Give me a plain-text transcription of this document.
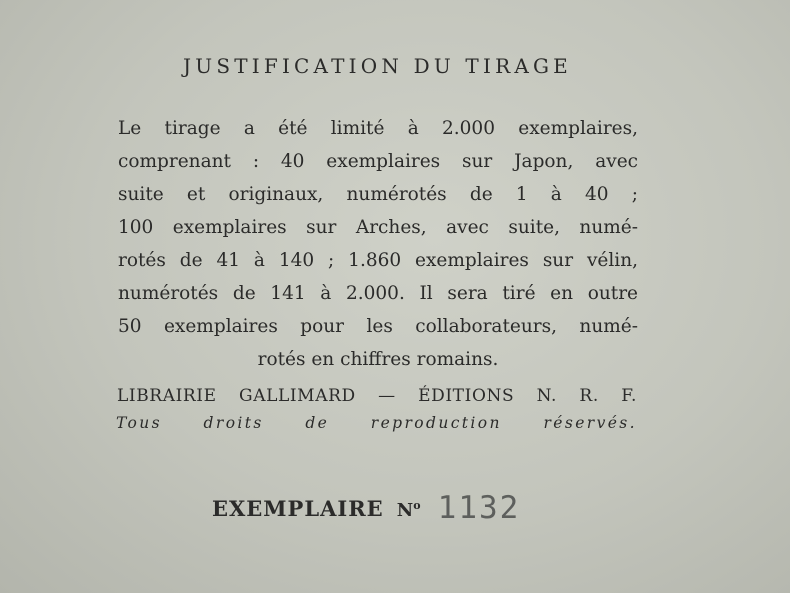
JUSTIFICATION DU TIRAGE
Le tirage a été limité à 2.000 exemplaires,
comprenant : 40 exemplaires sur Japon, avec
suite et originaux, numérotés de 1 à 40 ;
100 exemplaires sur Arches, avec suite, numé-
rotés de 41 à 140 ; 1.860 exemplaires sur vélin,
numérotés de 141 à 2.000. Il sera tiré en outre
50 exemplaires pour les collaborateurs, numé-
rotés en chiffres romains.
LIBRAIRIE GALLIMARD — ÉDITIONS N. R. F.
Tous droits de reproduction réservés.
EXEMPLAIRE $N^o$ 1132
